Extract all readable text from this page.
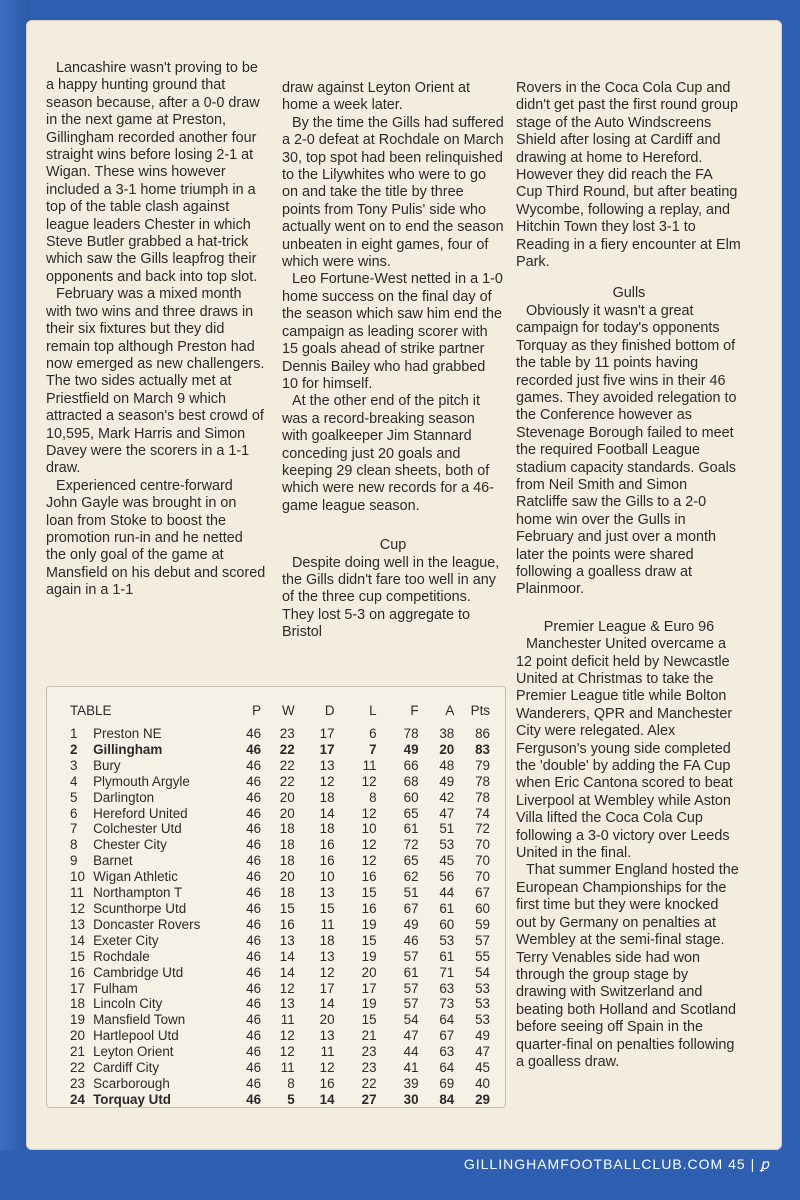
Lancashire wasn't proving to be a happy hunting ground that season because, after a 0-0 draw in the next game at Preston, Gillingham recorded another four straight wins before losing 2-1 at Wigan. These wins however included a 3-1 home triumph in a top of the table clash against league leaders Chester in which Steve Butler grabbed a hat-trick which saw the Gills leapfrog their opponents and back into top slot.

February was a mixed month with two wins and three draws in their six fixtures but they did remain top although Preston had now emerged as new challengers. The two sides actually met at Priestfield on March 9 which attracted a season's best crowd of 10,595, Mark Harris and Simon Davey were the scorers in a 1-1 draw.

Experienced centre-forward John Gayle was brought in on loan from Stoke to boost the promotion run-in and he netted the only goal of the game at Mansfield on his debut and scored again in a 1-1

draw against Leyton Orient at home a week later.

By the time the Gills had suffered a 2-0 defeat at Rochdale on March 30, top spot had been relinquished to the Lilywhites who were to go on and take the title by three points from Tony Pulis' side who actually went on to end the season unbeaten in eight games, four of which were wins.

Leo Fortune-West netted in a 1-0 home success on the final day of the season which saw him end the campaign as leading scorer with 15 goals ahead of strike partner Dennis Bailey who had grabbed 10 for himself.

At the other end of the pitch it was a record-breaking season with goalkeeper Jim Stannard conceding just 20 goals and keeping 29 clean sheets, both of which were new records for a 46-game league season.

Cup

Despite doing well in the league, the Gills didn't fare too well in any of the three cup competitions. They lost 5-3 on aggregate to Bristol

Rovers in the Coca Cola Cup and didn't get past the first round group stage of the Auto Windscreens Shield after losing at Cardiff and drawing at home to Hereford. However they did reach the FA Cup Third Round, but after beating Wycombe, following a replay, and Hitchin Town they lost 3-1 to Reading in a fiery encounter at Elm Park.

Gulls

Obviously it wasn't a great campaign for today's opponents Torquay as they finished bottom of the table by 11 points having recorded just five wins in their 46 games. They avoided relegation to the Conference however as Stevenage Borough failed to meet the required Football League stadium capacity standards. Goals from Neil Smith and Simon Ratcliffe saw the Gills to a 2-0 home win over the Gulls in February and just over a month later the points were shared following a goalless draw at Plainmoor.

Premier League & Euro 96

Manchester United overcame a 12 point deficit held by Newcastle United at Christmas to take the Premier League title while Bolton Wanderers, QPR and Manchester City were relegated. Alex Ferguson's young side completed the 'double' by adding the FA Cup when Eric Cantona scored to beat Liverpool at Wembley while Aston Villa lifted the Coca Cola Cup following a 3-0 victory over Leeds United in the final.

That summer England hosted the European Championships for the first time but they were knocked out by Germany on penalties at Wembley at the semi-final stage. Terry Venables side had won through the group stage by drawing with Switzerland and beating both Holland and Scotland before seeing off Spain in the quarter-final on penalties following a goalless draw.

TABLE		P	W	D	L	F	A	Pts
1	Preston NE	46	23	17	6	78	38	86
2	Gillingham	46	22	17	7	49	20	83
3	Bury	46	22	13	11	66	48	79
4	Plymouth Argyle	46	22	12	12	68	49	78
5	Darlington	46	20	18	8	60	42	78
6	Hereford United	46	20	14	12	65	47	74
7	Colchester Utd	46	18	18	10	61	51	72
8	Chester City	46	18	16	12	72	53	70
9	Barnet	46	18	16	12	65	45	70
10	Wigan Athletic	46	20	10	16	62	56	70
11	Northampton T	46	18	13	15	51	44	67
12	Scunthorpe Utd	46	15	15	16	67	61	60
13	Doncaster Rovers	46	16	11	19	49	60	59
14	Exeter City	46	13	18	15	46	53	57
15	Rochdale	46	14	13	19	57	61	55
16	Cambridge Utd	46	14	12	20	61	71	54
17	Fulham	46	12	17	17	57	63	53
18	Lincoln City	46	13	14	19	57	73	53
19	Mansfield Town	46	11	20	15	54	64	53
20	Hartlepool Utd	46	12	13	21	47	67	49
21	Leyton Orient	46	12	11	23	44	63	47
22	Cardiff City	46	11	12	23	41	64	45
23	Scarborough	46	8	16	22	39	69	40
24	Torquay Utd	46	5	14	27	30	84	29
GILLINGHAMFOOTBALLCLUB.COM 45 | ꝑ
